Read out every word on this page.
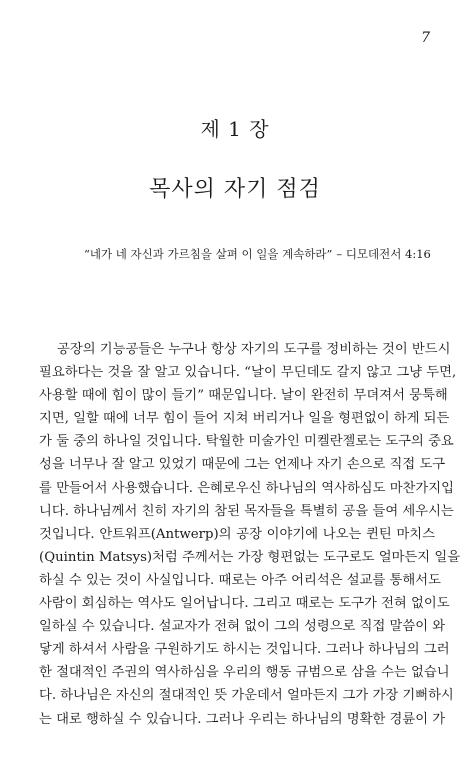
7
제 1 장
목사의 자기 점검
“네가 네 자신과 가르침을 살펴 이 일을 계속하라” – 디모데전서 4:16
공장의 기능공들은 누구나 항상 자기의 도구를 정비하는 것이 반드시
필요하다는 것을 잘 알고 있습니다. “날이 무딘데도 갈지 않고 그냥 두면,
사용할 때에 힘이 많이 들기” 때문입니다. 날이 완전히 무뎌져서 뭉툭해
지면, 일할 때에 너무 힘이 들어 지쳐 버리거나 일을 형편없이 하게 되든
가 둘 중의 하나일 것입니다. 탁월한 미술가인 미켈란젤로는 도구의 중요
성을 너무나 잘 알고 있었기 때문에 그는 언제나 자기 손으로 직접 도구
를 만들어서 사용했습니다. 은혜로우신 하나님의 역사하심도 마찬가지입
니다. 하나님께서 친히 자기의 참된 목자들을 특별히 공을 들여 세우시는
것입니다. 안트워프(Antwerp)의 공장 이야기에 나오는 퀸틴 마치스
(Quintin Matsys)처럼 주께서는 가장 형편없는 도구로도 얼마든지 일을
하실 수 있는 것이 사실입니다. 때로는 아주 어리석은 설교를 통해서도
사람이 회심하는 역사도 일어납니다. 그리고 때로는 도구가 전혀 없이도
일하실 수 있습니다. 설교자가 전혀 없이 그의 성령으로 직접 말씀이 와
닿게 하셔서 사람을 구원하기도 하시는 것입니다. 그러나 하나님의 그러
한 절대적인 주권의 역사하심을 우리의 행동 규범으로 삼을 수는 없습니
다. 하나님은 자신의 절대적인 뜻 가운데서 얼마든지 그가 가장 기뻐하시
는 대로 행하실 수 있습니다. 그러나 우리는 하나님의 명확한 경륜이 가
